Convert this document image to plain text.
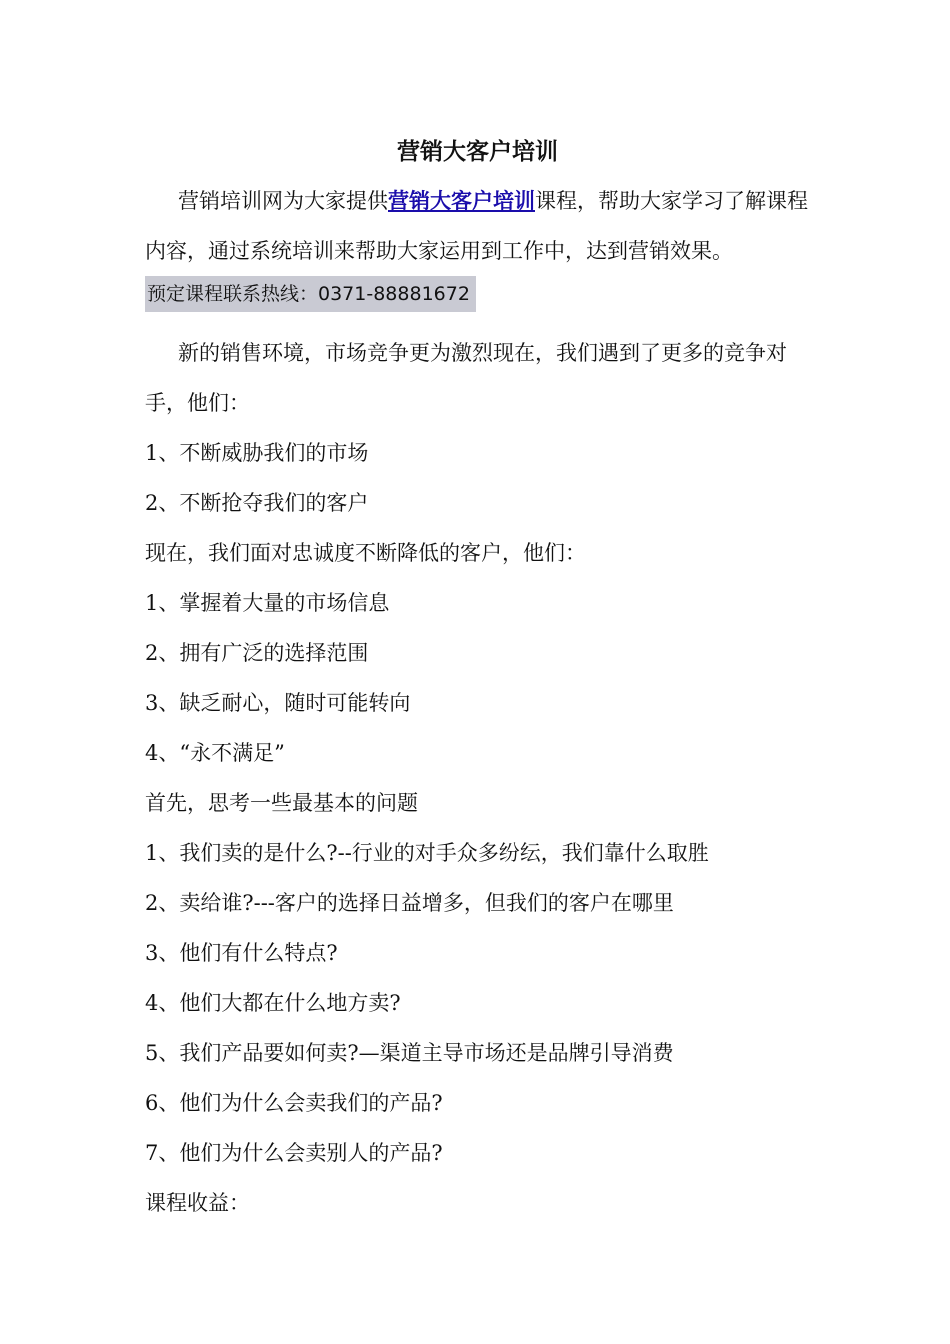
营销大客户培训

营销培训网为大家提供营销大客户培训课程，帮助大家学习了解课程内容，通过系统培训来帮助大家运用到工作中，达到营销效果。

预定课程联系热线：0371-88881672

新的销售环境，市场竞争更为激烈现在，我们遇到了更多的竞争对手，他们：

1、不断威胁我们的市场

2、不断抢夺我们的客户

现在，我们面对忠诚度不断降低的客户，他们：

1、掌握着大量的市场信息

2、拥有广泛的选择范围

3、缺乏耐心，随时可能转向

4、“永不满足”

首先，思考一些最基本的问题

1、我们卖的是什么?--行业的对手众多纷纭，我们靠什么取胜

2、卖给谁?---客户的选择日益增多，但我们的客户在哪里

3、他们有什么特点?

4、他们大都在什么地方卖?

5、我们产品要如何卖?—渠道主导市场还是品牌引导消费

6、他们为什么会卖我们的产品?

7、他们为什么会卖别人的产品?

课程收益：
